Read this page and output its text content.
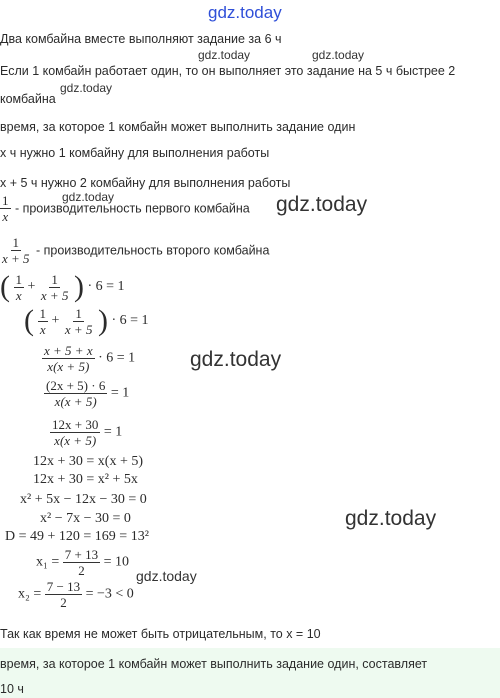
gdz.today
gdz.today	gdz.today
gdz.today
gdz.today	gdz.today
gdz.today
gdz.today
gdz.today
Два комбайна вместе выполняют задание за 6 ч
Если 1 комбайн работает один, то он выполняет это задание на 5 ч быстрее 2
комбайна
время, за которое 1 комбайн может выполнить задание один
x ч нужно 1 комбайну для выполнения работы
x + 5 ч нужно 2 комбайну для выполнения работы
$\frac{1}{x}$ - производительность первого комбайна
$\frac{1}{x + 5}$ - производительность второго комбайна
( $\frac{1}{x} + \frac{1}{x + 5}$ ) · 6 = 1
( $\frac{1}{x} + \frac{1}{x + 5}$ ) · 6 = 1
$\frac{x + 5 + x}{x(x + 5)} \cdot 6 = 1$
$\frac{(2x + 5) \cdot 6}{x(x + 5)} = 1$
$\frac{12x + 30}{x(x + 5)} = 1$
12x + 30 = x(x + 5)
12x + 30 = x² + 5x
x² + 5x − 12x − 30 = 0
x² − 7x − 30 = 0
D = 49 + 120 = 169 = 13²
$x_1 = \frac{7 + 13}{2} = 10$
$x_2 = \frac{7 - 13}{2} = -3 < 0$
Так как время не может быть отрицательным, то x = 10
время, за которое 1 комбайн может выполнить задание один, составляет
10 ч
